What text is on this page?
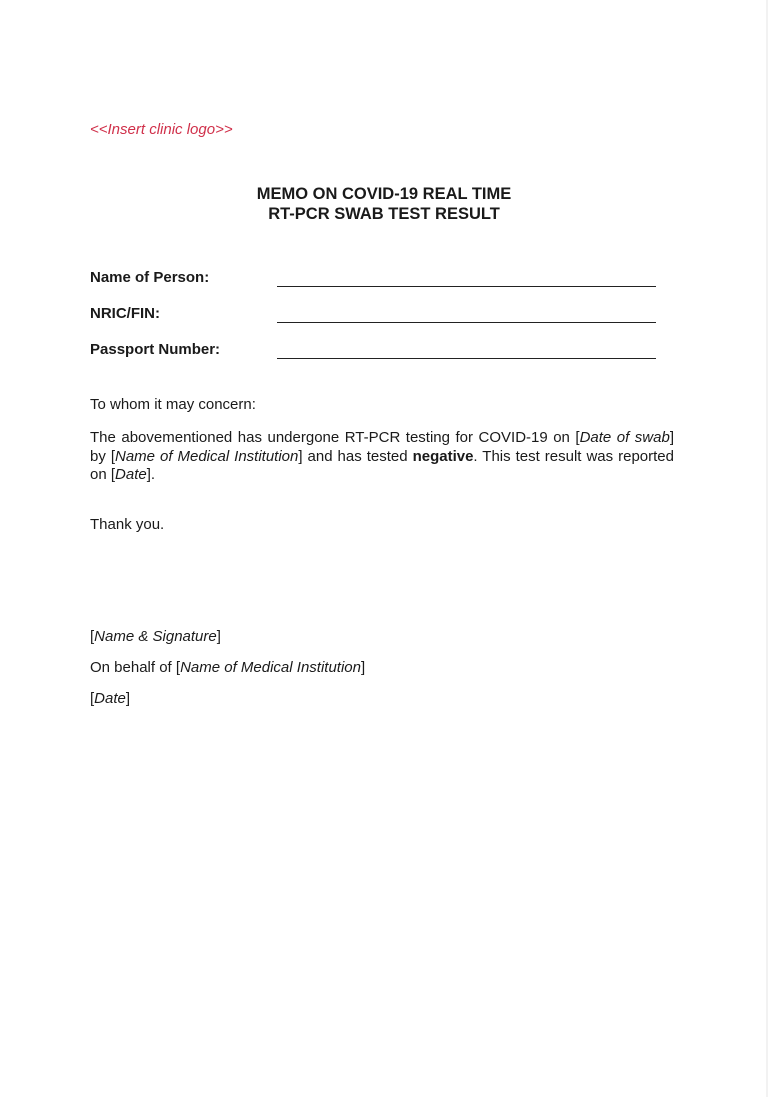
<<Insert clinic logo>>
MEMO ON COVID-19 REAL TIME
RT-PCR SWAB TEST RESULT
Name of Person:
NRIC/FIN:
Passport Number:
To whom it may concern:
The abovementioned has undergone RT-PCR testing for COVID-19 on [Date of swab] by [Name of Medical Institution] and has tested negative. This test result was reported on [Date].
Thank you.
[Name & Signature]
On behalf of [Name of Medical Institution]
[Date]
